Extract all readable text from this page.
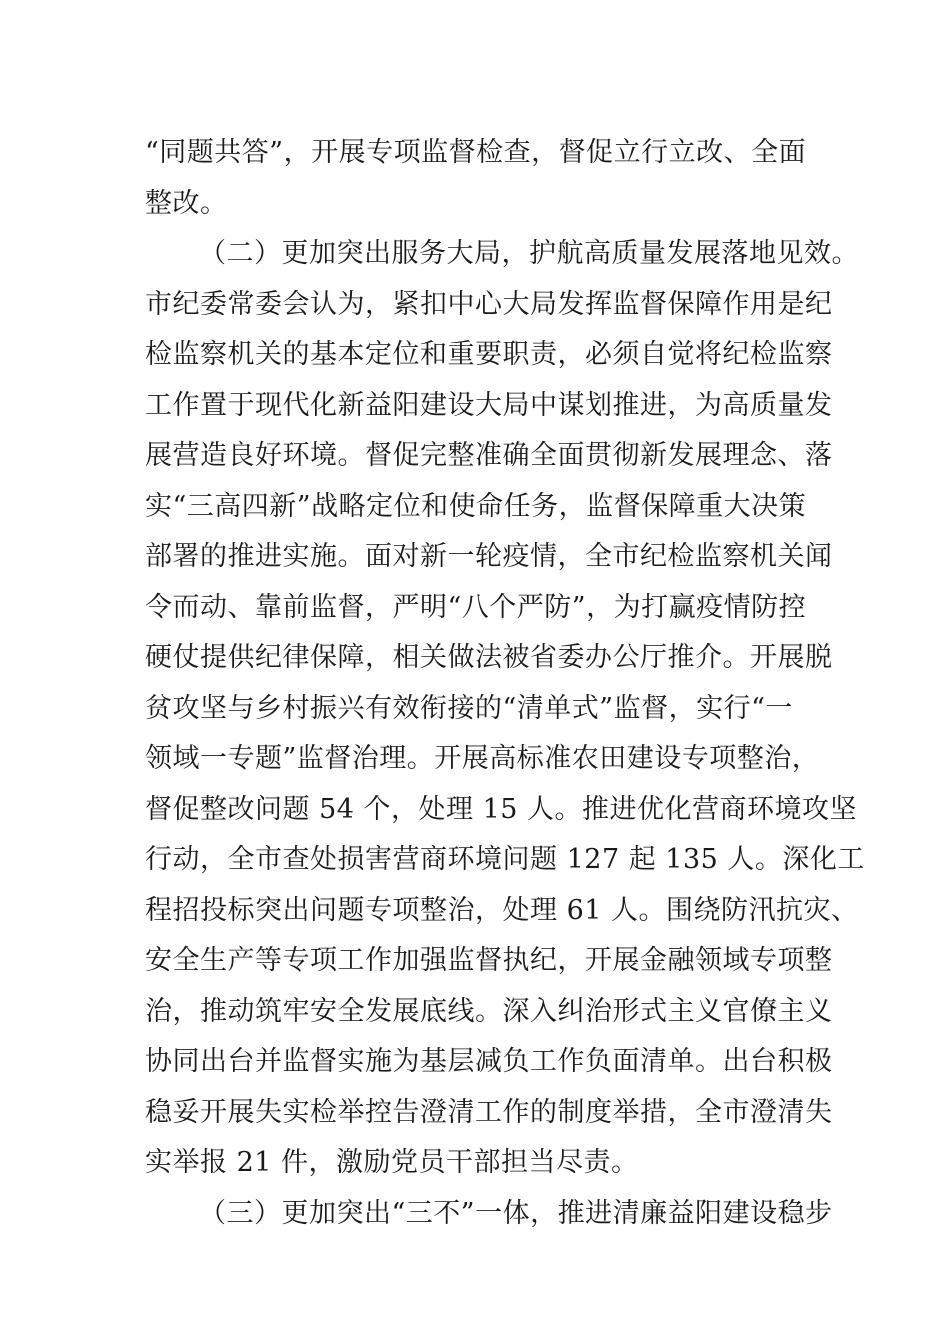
“同题共答”，开展专项监督检查，督促立行立改、全面
整改。
（二）更加突出服务大局，护航高质量发展落地见效。
市纪委常委会认为，紧扣中心大局发挥监督保障作用是纪
检监察机关的基本定位和重要职责，必须自觉将纪检监察
工作置于现代化新益阳建设大局中谋划推进，为高质量发
展营造良好环境。督促完整准确全面贯彻新发展理念、落
实“三高四新”战略定位和使命任务，监督保障重大决策
部署的推进实施。面对新一轮疫情，全市纪检监察机关闻
令而动、靠前监督，严明“八个严防”，为打赢疫情防控
硬仗提供纪律保障，相关做法被省委办公厅推介。开展脱
贫攻坚与乡村振兴有效衔接的“清单式”监督，实行“一
领域一专题”监督治理。开展高标准农田建设专项整治，
督促整改问题 54 个，处理 15 人。推进优化营商环境攻坚
行动，全市查处损害营商环境问题 127 起 135 人。深化工
程招投标突出问题专项整治，处理 61 人。围绕防汛抗灾、
安全生产等专项工作加强监督执纪，开展金融领域专项整
治，推动筑牢安全发展底线。深入纠治形式主义官僚主义
协同出台并监督实施为基层减负工作负面清单。出台积极
稳妥开展失实检举控告澄清工作的制度举措，全市澄清失
实举报 21 件，激励党员干部担当尽责。
（三）更加突出“三不”一体，推进清廉益阳建设稳步
